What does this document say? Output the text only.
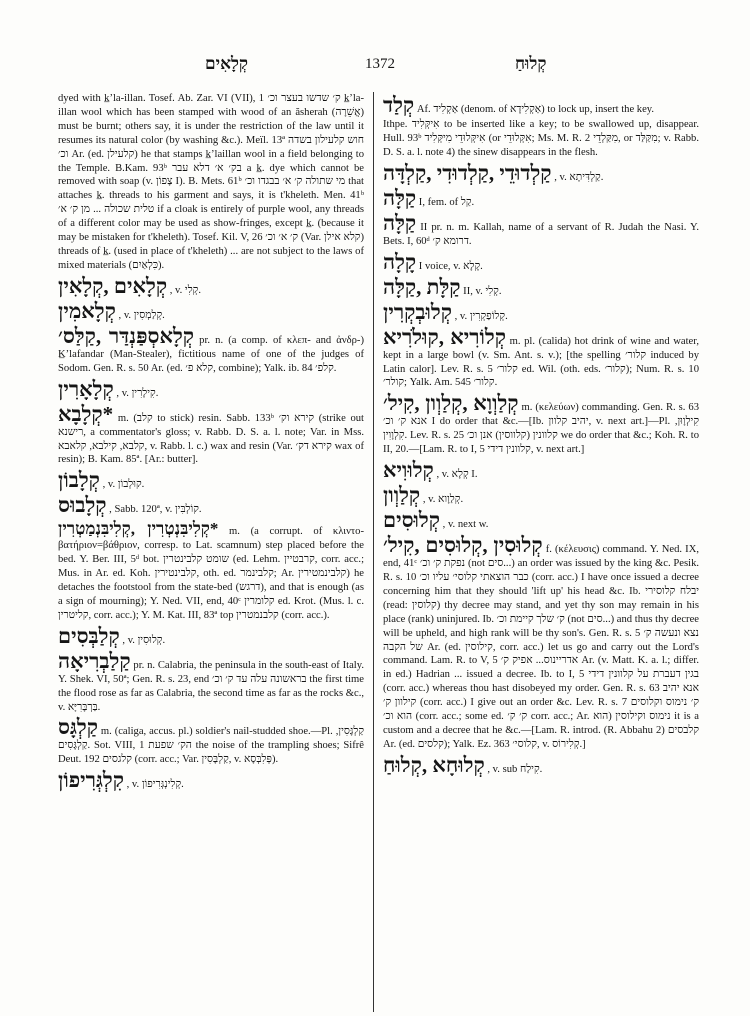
קְלָאִים	1372	קְלוּחַ

dyed with k̲ʼla-illan. Tosef. Ab. Zar. VI (VII), 1 ק׳ שדשו בעצר וכ׳ k̲ʼla-illan wool which has been stamped with wood of an ăsherah (אֲשֵׁרָה) must be burnt; others say, it is under the restriction of the law until it resumes its natural color (by washing &c.). Meïl. 13ª חוש קלעילון בשדה וכ׳ Ar. (ed. קלעילן) he that stamps k̲ʼlaillan wool in a field belonging to the Temple. B.Kam. 93ᵇ בק׳ א׳ דלא עבר a k̲. dye which cannot be removed with soap (v. צָפוֹן I). B. Mets. 61ᵇ מי שתולה ק׳ א׳ בבגדו וכ׳ that attaches k̲. threads to his garment and says, it is t'kheleth. Men. 41ᵇ טלית שכולה ... מן ק׳ א׳ if a cloak is entirely of purple wool, any threads of a different color may be used as show-fringes, except k̲. (because it may be mistaken for t'kheleth). Tosef. Kil. V, 26 ק׳ א׳ וכ׳ (Var. קלא אילן) threads of k̲. (used in place of t'kheleth) ... are not subject to the laws of mixed materials (כִּלְאַיִם).

קְלָאִים ,קְלָאִין , v. קְלִי.
קְלָאמִין , v. קְלַמְסִין.
קְלָאסְפַּנְדַּר ,קַלַּס׳ pr. n. (a comp. of κλεπ- and ἀνδρ-) K̲ʼlafandar (Man-Stealer), fictitious name of one of the judges of Sodom. Gen. R. s. 50 Ar. (ed. קלא פ׳, combine); Yalk. ib. 84 קלפ׳.
קְלָאָרִין , v. קִילָרִין.
*קְלָבָא m. (קלב to stick) resin. Sabb. 133ᵇ קירא וק׳ (strike out רישנא, a commentator's gloss; v. Rabb. D. S. a. l. note; Var. in Mss. קלבא, קילבא, קלאבא, v. Rabb. l. c.) wax and resin (Var. קירא דק׳ wax of resin); B. Kam. 85ª. [Ar.: butter].
קְלָבוֹן , v. קוּלְבוֹן.
קְלָבוּס , Sabb. 120ª, v. קוֹלְבִּין.
*קְלִיבִּנְטְרִין ,קְלִיבִּנְמַטְרִין m. (a corrupt. of κλιντο-βατήριον=βάθριον, corresp. to Lat. scamnum) step placed before the bed. Y. Ber. III, 5ᵈ bot. שומט קלבינטרין (ed. Lehm. קרבטיין, corr. acc.; Mus. in Ar. ed. Koh. קלבינטירין, oth. ed. קלבינמר; Ar. קלבינמטירין) he detaches the footstool from the state-bed (דרגש), and that is enough (as a sign of mourning); Y. Ned. VII, end, 40ᶜ קלומרין ed. Krot. (Mus. l. c. קליטרין, corr. acc.); Y. M. Kat. III, 83ª top קלבנמטרין (corr. acc.).
קְלַבְּסִים , v. קְלוּסִין.
קַלַבְרִיאָה pr. n. Calabria, the peninsula in the south-east of Italy. Y. Shek. VI, 50ª; Gen. R. s. 23, end בראשונה עלה עד ק׳ וכ׳ the first time the flood rose as far as Calabria, the second time as far as the rocks &c., v. בַּרְבָּרִיָּא.
קַלְגָּס m. (caliga, accus. pl.) soldier's nail-studded shoe.—Pl. קַלְגָּסִין, קַלְגָּסִים. Sot. VIII, 1 הק׳ שפעת the noise of the trampling shoes; Sifrê Deut. 192 קלגסים (corr. acc.; Var. קַלְבָּסִין, v. פְּלִבְּסָא).
קִלְגְּרִיפוֹן , v. קְלִינְגְּרִיפוֹן.
קְלַד Af. אַקְלִיד (denom. of אַקְלִידָא) to lock up, insert the key.

Ithpe. אִיקְּלִיד to be inserted like a key; to be swallowed up, disappear. Hull. 93ᵇ אִיקְּלוּדֵי מִיקְּלִיד (or אִקְּלוּדֵי; Ms. M. R. 2 מִקַּלְדֵי, or מִקַּלַּד; v. Rabb. D. S. a. l. note 4) the sinew disappears in the flesh.

קַלְדוּדֵי ,קַלְדוּדִי ,קַלְדָּה , v. קַלְדִּיתָא.
קַלָּה I, fem. of קַל.
קַלָּה II pr. n. m. Kallah, name of a servant of R. Judah the Nasi. Y. Bets. I, 60ᵈ דרומא ק׳.
קָלָה I voice, v. קָלָא.
קַלָּת ,קַלָּה II, v. קְלִי.
קְלוּבְקְרִין , v. קְלוֹפַקְרִין.
קְלוֹרִיא ,קוּלֹרִיא m. pl. (calida) hot drink of wine and water, kept in a large bowl (v. Sm. Ant. s. v.); [the spelling קלור׳ induced by Latin calor]. Lev. R. s. 5 קלור׳ ed. Wil. (oth. eds. קלור׳); Num. R. s. 10 קולר׳; Yalk. Am. 545 קלור׳.
קְלַוְוָא ,קְלַוְון ,קִיל׳ m. (κελεύων) commanding. Gen. R. s. 63 אנא ק׳ וכ׳ I do order that &c.—[Ib. יהיב קלוון, v. next art.]—Pl. קִילְוָוּן, קִלְוָוִין. Lev. R. s. 25 קלוונין (קלווסין) אנן וכ׳ we do order that &c.; Koh. R. to II, 20.—[Lam. R. to I, 5 קלוונין דידי, v. next art.]
קְלוּוִיא , v. קְלָא I.
קְלַוְון , v. קְלַוָוא.
קְלוּסִים , v. next w.
קְלוּסִין ,קְלוּסִים ,קִיל׳ f. (κέλευσις) command. Y. Ned. IX, end, 41ᶜ נפקת ק׳ וכ׳ (not סים...) an order was issued by the king &c. Pesik. R. s. 10 כבר הוצאתי קלוסי׳ עליו וכ׳ (corr. acc.) I have once issued a decree concerning him that they should 'lift up' his head &c. Ib. יבלח קלוסירי (read: קלוסין) thy decree may stand, and yet thy son may remain in his place (rank) uninjured. Ib. ק׳ שלך קיימת וכ׳ (not סים...) and thus thy decree will be upheld, and high rank will be thy son's. Gen. R. s. 5 נצא ונעשה ק׳ של הקבה Ar. (ed. קילוסין, corr. acc.) let us go and carry out the Lord's command. Lam. R. to V, 5 אדריינוס... אפיק ק׳ Ar. (v. Matt. K. a. l.; differ. in ed.) Hadrian ... issued a decree. Ib. to I, 5 בגין דעברת על קלוונין דידי (corr. acc.) whereas thou hast disobeyed my order. Gen. R. s. 63 אנא יהיב קילוון ק׳ (corr. acc.) I give out an order &c. Lev. R. s. 7 ק׳ נימוס וקלוסים הוא וכ׳ (corr. acc.; some ed. ק׳ ק׳ corr. acc.; Ar. נימוס וקילוסין (הוא it is a custom and a decree that he &c.—[Lam. R. introd. (R. Abbahu 2) קלבסים Ar. (ed. קלסים); Yalk. Ez. 363 קלוסי׳, v. קְלִירוֹס.]
קְלוּחָא ,קְלוּחַ , v. sub קִילַח.
